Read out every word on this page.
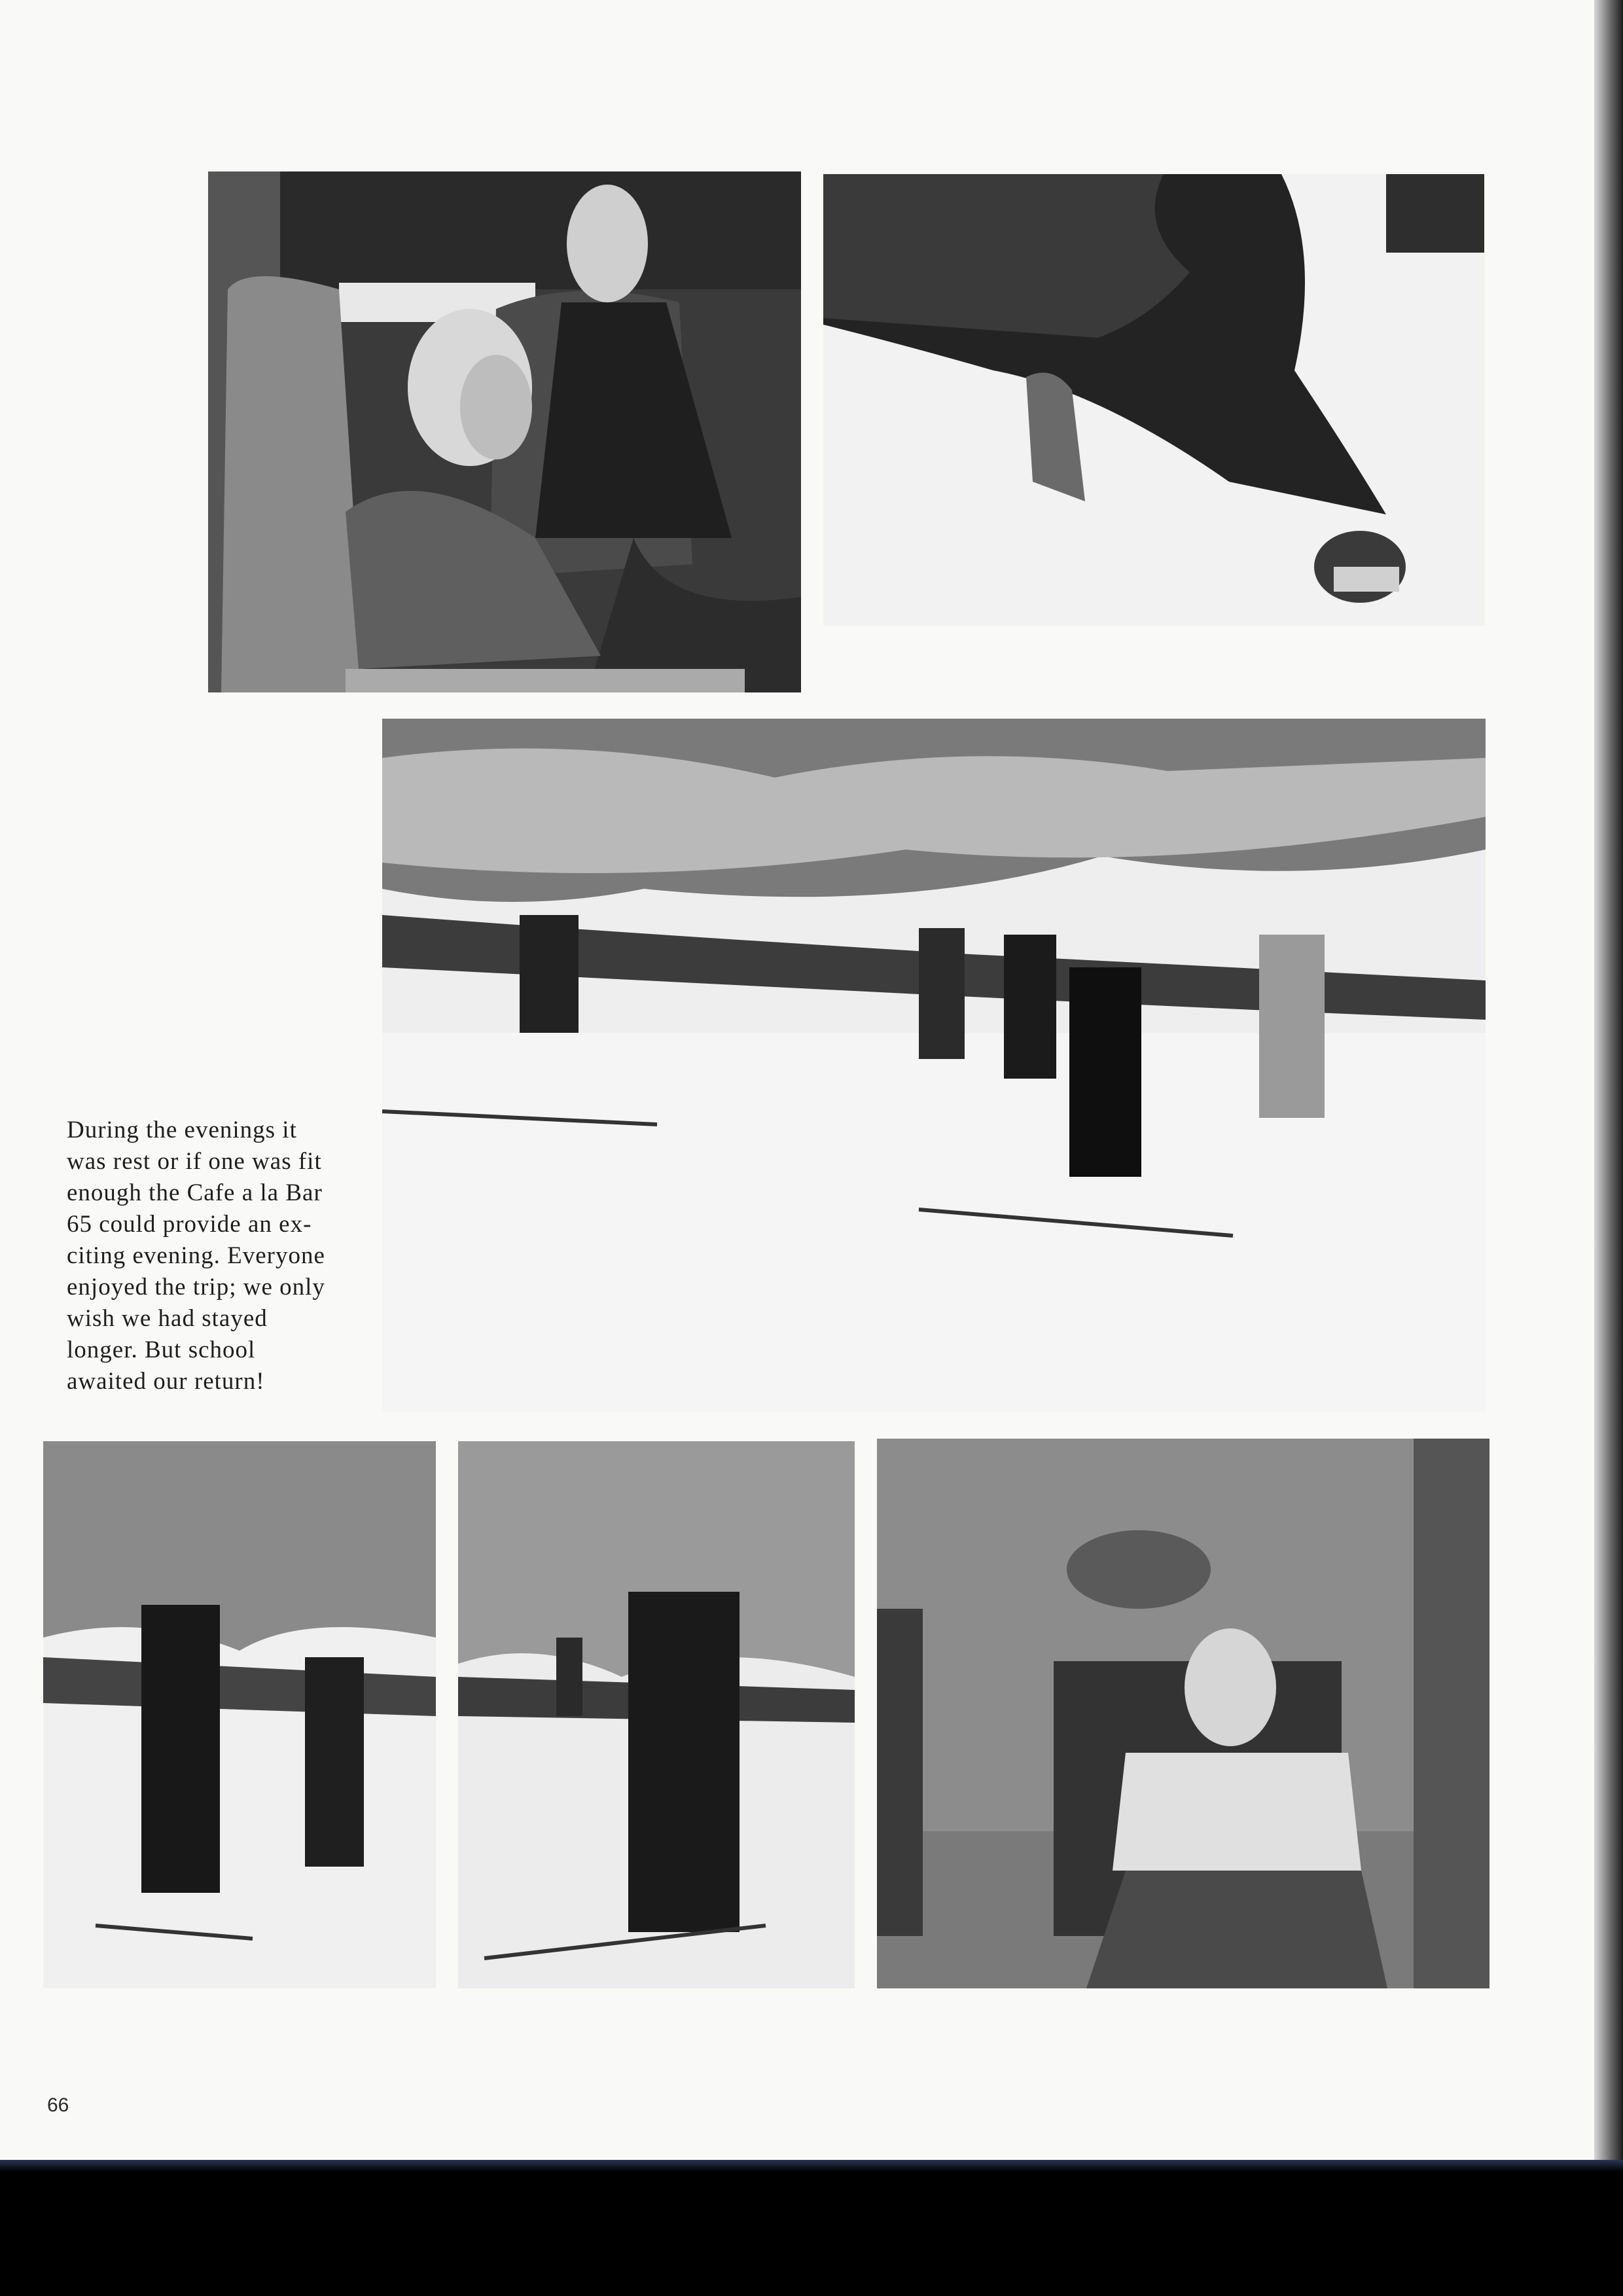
During the evenings it
was rest or if one was fit
enough the Cafe a la Bar
65 could provide an ex-
citing evening. Everyone
enjoyed the trip; we only
wish we had stayed
longer. But school
awaited our return!

66
